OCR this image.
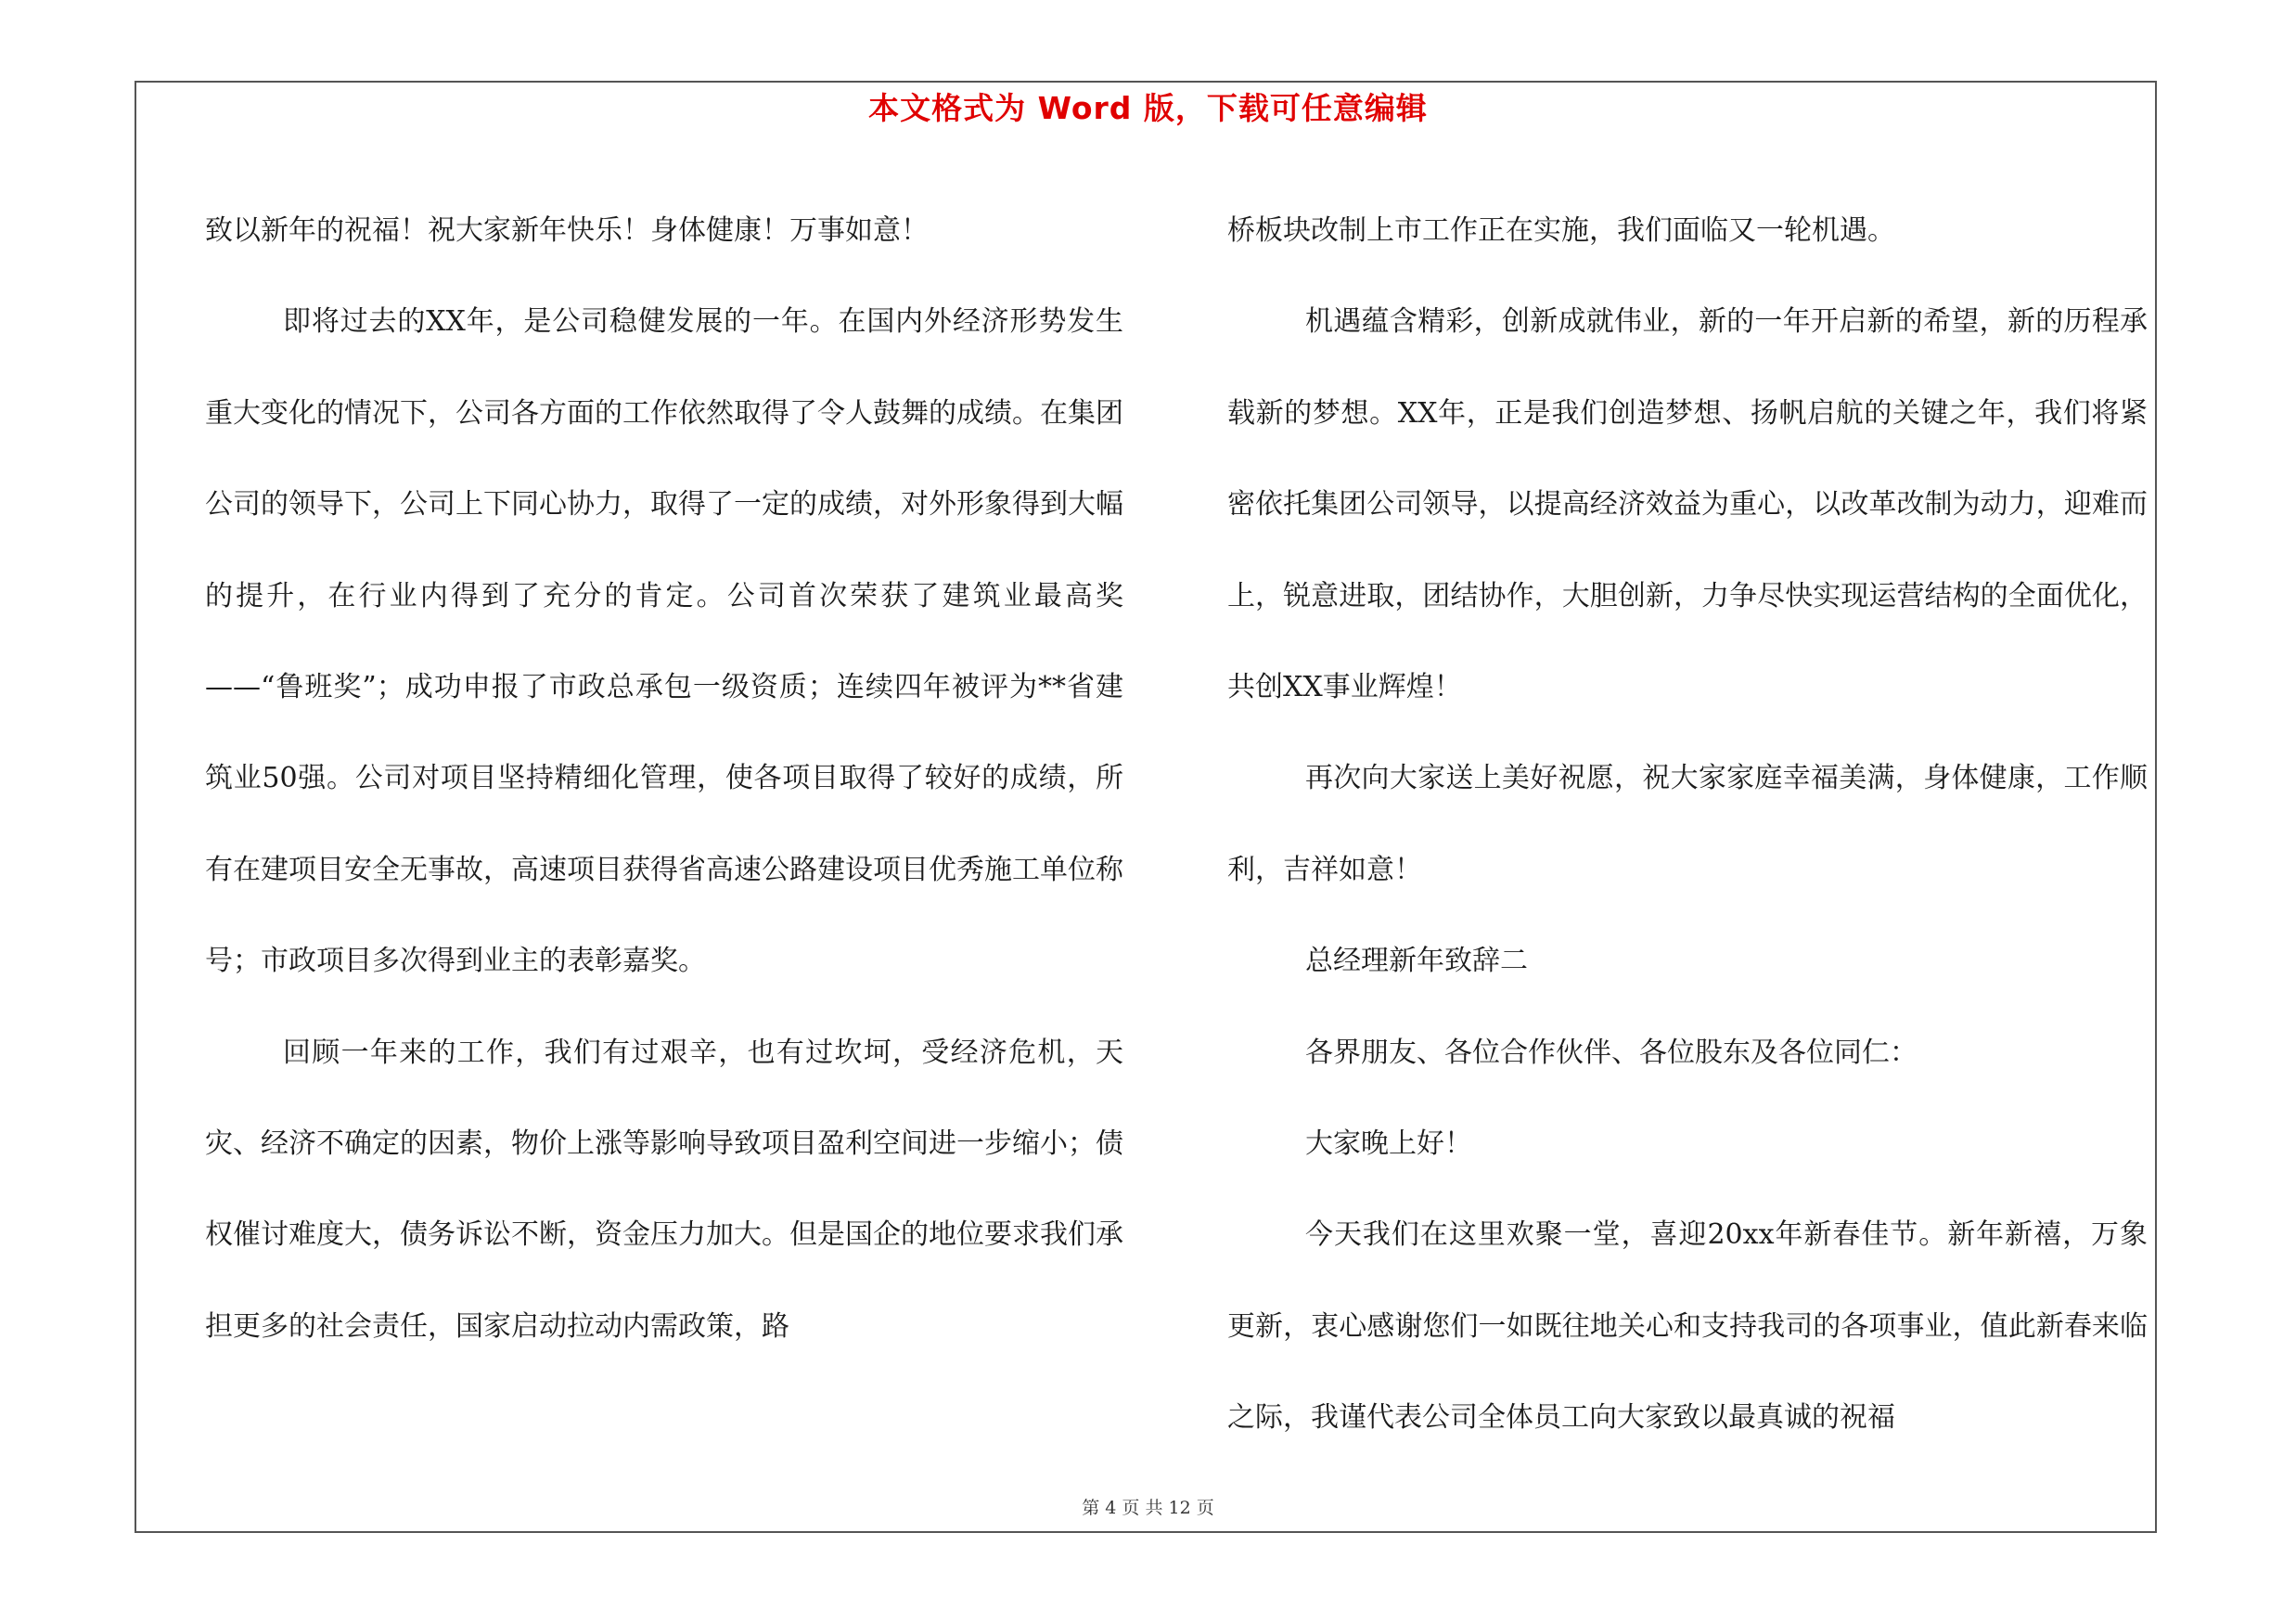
本文格式为 Word 版，下载可任意编辑

致以新年的祝福！祝大家新年快乐！身体健康！万事如意！

即将过去的XX年，是公司稳健发展的一年。在国内外经济形势发生重大变化的情况下，公司各方面的工作依然取得了令人鼓舞的成绩。在集团公司的领导下，公司上下同心协力，取得了一定的成绩，对外形象得到大幅的提升，在行业内得到了充分的肯定。公司首次荣获了建筑业最高奖——“鲁班奖”；成功申报了市政总承包一级资质；连续四年被评为**省建筑业50强。公司对项目坚持精细化管理，使各项目取得了较好的成绩，所有在建项目安全无事故，高速项目获得省高速公路建设项目优秀施工单位称号；市政项目多次得到业主的表彰嘉奖。

回顾一年来的工作，我们有过艰辛，也有过坎坷，受经济危机，天灾、经济不确定的因素，物价上涨等影响导致项目盈利空间进一步缩小；债权催讨难度大，债务诉讼不断，资金压力加大。但是国企的地位要求我们承担更多的社会责任，国家启动拉动内需政策，路

桥板块改制上市工作正在实施，我们面临又一轮机遇。

机遇蕴含精彩，创新成就伟业，新的一年开启新的希望，新的历程承载新的梦想。XX年，正是我们创造梦想、扬帆启航的关键之年，我们将紧密依托集团公司领导，以提高经济效益为重心，以改革改制为动力，迎难而上，锐意进取，团结协作，大胆创新，力争尽快实现运营结构的全面优化，共创XX事业辉煌！

再次向大家送上美好祝愿，祝大家家庭幸福美满，身体健康，工作顺利，吉祥如意！

总经理新年致辞二

各界朋友、各位合作伙伴、各位股东及各位同仁：

大家晚上好！

今天我们在这里欢聚一堂，喜迎20xx年新春佳节。新年新禧，万象更新，衷心感谢您们一如既往地关心和支持我司的各项事业，值此新春来临之际，我谨代表公司全体员工向大家致以最真诚的祝福

第 4 页 共 12 页
